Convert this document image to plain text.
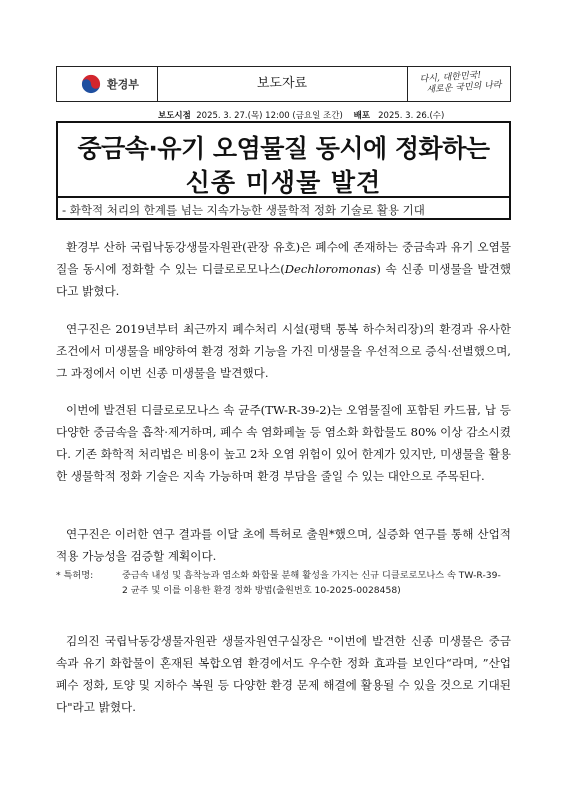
환경부	보도자료	다시, 대한민국!
새로운 국민의 나라
보도시점 2025. 3. 27.(목) 12:00 (금요일 조간) 배포 2025. 3. 26.(수)
중금속·유기 오염물질 동시에 정화하는
신종 미생물 발견
- 화학적 처리의 한계를 넘는 지속가능한 생물학적 정화 기술로 활용 기대
환경부 산하 국립낙동강생물자원관(관장 유호)은 폐수에 존재하는 중금속과 유기 오염물질을 동시에 정화할 수 있는 디클로로모나스(Dechloromonas) 속 신종 미생물을 발견했다고 밝혔다.
연구진은 2019년부터 최근까지 폐수처리 시설(평택 통복 하수처리장)의 환경과 유사한 조건에서 미생물을 배양하여 환경 정화 기능을 가진 미생물을 우선적으로 증식·선별했으며, 그 과정에서 이번 신종 미생물을 발견했다.
이번에 발견된 디클로로모나스 속 균주(TW-R-39-2)는 오염물질에 포함된 카드뮴, 납 등 다양한 중금속을 흡착·제거하며, 폐수 속 염화페놀 등 염소화 화합물도 80% 이상 감소시켰다. 기존 화학적 처리법은 비용이 높고 2차 오염 위험이 있어 한계가 있지만, 미생물을 활용한 생물학적 정화 기술은 지속 가능하며 환경 부담을 줄일 수 있는 대안으로 주목된다.
연구진은 이러한 연구 결과를 이달 초에 특허로 출원*했으며, 실증화 연구를 통해 산업적 적용 가능성을 검증할 계획이다.
* 특허명:	중금속 내성 및 흡착능과 염소화 화합물 분해 활성을 가지는 신규 디클로로모나스 속 TW-R-39-2 균주 및 이를 이용한 환경 정화 방법(출원번호 10-2025-0028458)
김의진 국립낙동강생물자원관 생물자원연구실장은 "이번에 발견한 신종 미생물은 중금속과 유기 화합물이 혼재된 복합오염 환경에서도 우수한 정화 효과를 보인다“라며, ”산업 폐수 정화, 토양 및 지하수 복원 등 다양한 환경 문제 해결에 활용될 수 있을 것으로 기대된다"라고 밝혔다.
